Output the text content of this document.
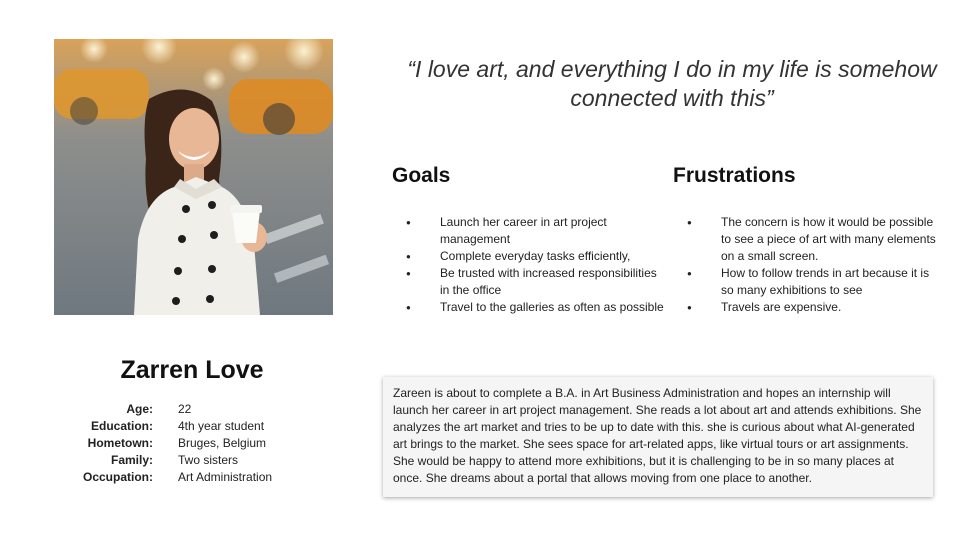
“I love art, and everything I do in my life is somehow connected with this”
Goals
● Launch her career in art project management
● Complete everyday tasks efficiently,
● Be trusted with increased responsibilities in the office
● Travel to the galleries as often as possible
Frustrations
● The concern is how it would be possible to see a piece of art with many elements on a small screen.
● How to follow trends in art because it is so many exhibitions to see
● Travels are expensive.
Zarren Love
Age: 22
Education: 4th year student
Hometown: Bruges, Belgium
Family: Two sisters
Occupation: Art Administration
Zareen is about to complete a B.A. in Art Business Administration and hopes an internship will launch her career in art project management. She reads a lot about art and attends exhibitions. She analyzes the art market and tries to be up to date with this. she is curious about what AI-generated art brings to the market. She sees space for art-related apps, like virtual tours or art assignments. She would be happy to attend more exhibitions, but it is challenging to be in so many places at once. She dreams about a portal that allows moving from one place to another.
